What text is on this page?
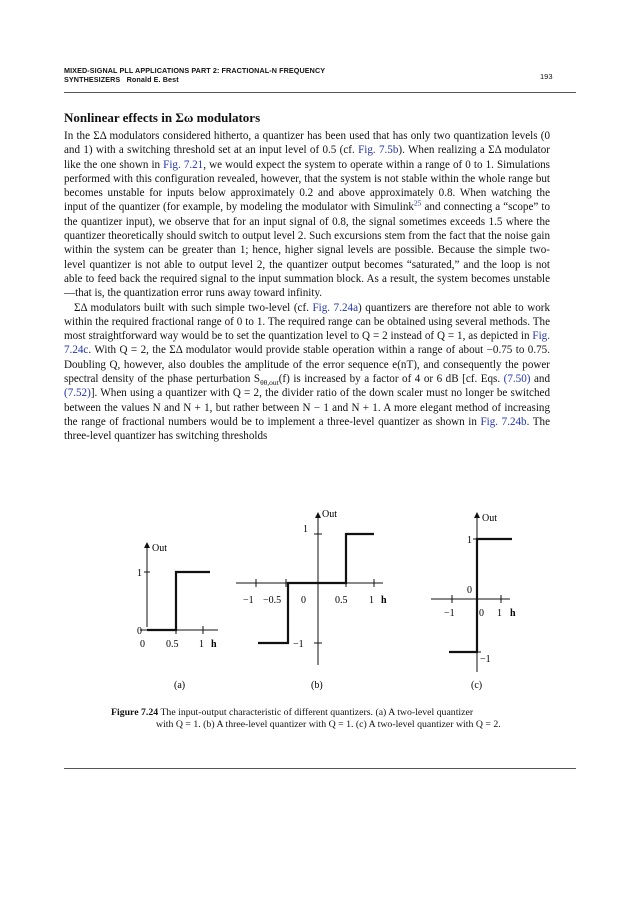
MIXED-SIGNAL PLL APPLICATIONS PART 2: FRACTIONAL-N FREQUENCY
SYNTHESIZERS   Ronald E. Best	193
Nonlinear effects in Σω modulators

In the ΣΔ modulators considered hitherto, a quantizer has been used that has only two quantization levels (0 and 1) with a switching threshold set at an input level of 0.5 (cf. Fig. 7.5b). When realizing a ΣΔ modulator like the one shown in Fig. 7.21, we would expect the system to operate within a range of 0 to 1. Simulations performed with this configuration revealed, however, that the system is not stable within the whole range but becomes unstable for inputs below approximately 0.2 and above approximately 0.8. When watching the input of the quantizer (for example, by modeling the modulator with Simulink$^{25}$ and connecting a “scope” to the quantizer input), we observe that for an input signal of 0.8, the signal sometimes exceeds 1.5 where the quantizer theoretically should switch to output level 2. Such excursions stem from the fact that the noise gain within the system can be greater than 1; hence, higher signal levels are possible. Because the simple two-level quantizer is not able to output level 2, the quantizer output becomes “saturated,” and the loop is not able to feed back the required signal to the input summation block. As a result, the system becomes unstable—that is, the quantization error runs away toward infinity.

ΣΔ modulators built with such simple two-level (cf. Fig. 7.24a) quantizers are therefore not able to work within the required fractional range of 0 to 1. The required range can be obtained using several methods. The most straightforward way would be to set the quantization level to Q = 2 instead of Q = 1, as depicted in Fig. 7.24c. With Q = 2, the ΣΔ modulator would provide stable operation within a range of about −0.75 to 0.75. Doubling Q, however, also doubles the amplitude of the error sequence e(nT), and consequently the power spectral density of the phase perturbation $S_{\theta\theta,out}(f)$ is increased by a factor of 4 or 6 dB [cf. Eqs. (7.50) and (7.52)]. When using a quantizer with Q = 2, the divider ratio of the down scaler must no longer be switched between the values N and N + 1, but rather between N − 1 and N + 1. A more elegant method of increasing the range of fractional numbers would be to implement a three-level quantizer as shown in Fig. 7.24b. The three-level quantizer has switching thresholds

Out
1
0
0 0.5 1 h
(a)
Out
1
−1
−1 −0.5 0	0.5 1 h
(b)
Out
1
0
−1
−1 0 1 h
(c)
Figure 7.24 The input-output characteristic of different quantizers. (a) A two-level quantizer
with Q = 1. (b) A three-level quantizer with Q = 1. (c) A two-level quantizer with Q = 2.
